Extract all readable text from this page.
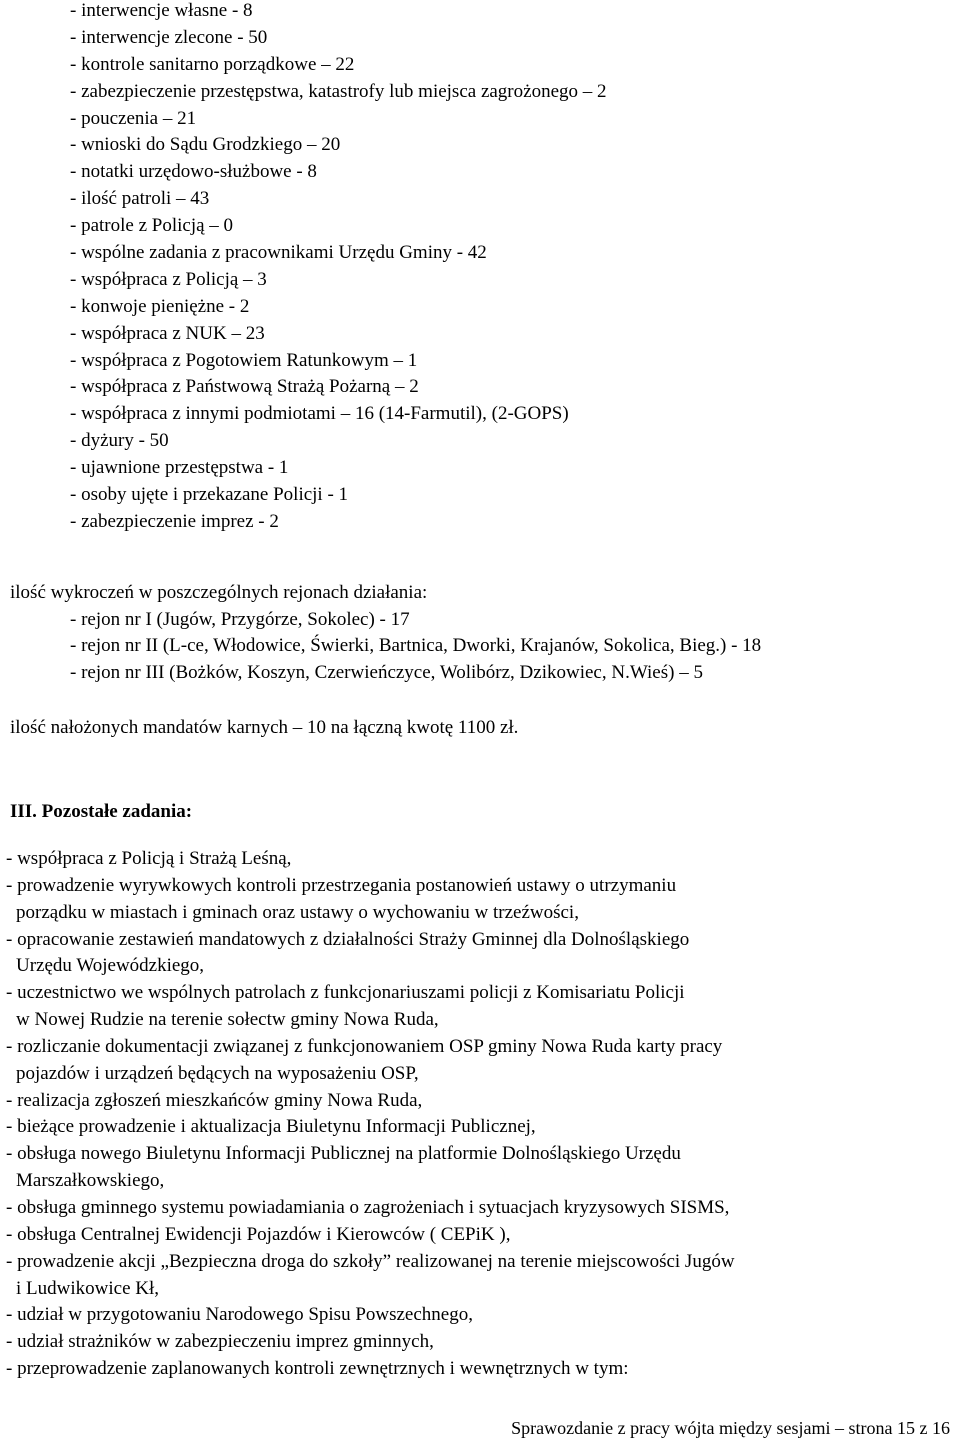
- interwencje własne - 8
- interwencje zlecone - 50
- kontrole sanitarno porządkowe – 22
- zabezpieczenie przestępstwa, katastrofy lub miejsca zagrożonego – 2
- pouczenia – 21
- wnioski do Sądu Grodzkiego – 20
- notatki urzędowo-służbowe - 8
- ilość patroli – 43
- patrole z Policją – 0
- wspólne zadania z pracownikami Urzędu Gminy - 42
- współpraca z Policją – 3
- konwoje pieniężne - 2
- współpraca z NUK – 23
- współpraca z Pogotowiem Ratunkowym – 1
- współpraca z Państwową Strażą Pożarną – 2
- współpraca z innymi podmiotami – 16 (14-Farmutil), (2-GOPS)
- dyżury - 50
- ujawnione przestępstwa - 1
- osoby ujęte i przekazane Policji - 1
- zabezpieczenie imprez - 2
ilość wykroczeń w poszczególnych rejonach działania:
- rejon nr I (Jugów, Przygórze, Sokolec) - 17
- rejon nr II (L-ce, Włodowice, Świerki, Bartnica, Dworki, Krajanów, Sokolica, Bieg.) - 18
- rejon nr III (Bożków, Koszyn, Czerwieńczyce, Wolibórz, Dzikowiec, N.Wieś) – 5
ilość nałożonych mandatów karnych – 10 na łączną kwotę 1100 zł.
III. Pozostałe zadania:
- współpraca z Policją i Strażą Leśną,
- prowadzenie wyrywkowych kontroli przestrzegania postanowień ustawy o utrzymaniu
porządku w miastach i gminach oraz ustawy o wychowaniu w trzeźwości,
- opracowanie zestawień mandatowych z działalności Straży Gminnej dla Dolnośląskiego
Urzędu Wojewódzkiego,
- uczestnictwo we wspólnych patrolach z funkcjonariuszami policji z Komisariatu Policji
w Nowej Rudzie na terenie sołectw gminy Nowa Ruda,
- rozliczanie dokumentacji związanej z funkcjonowaniem OSP gminy Nowa Ruda karty pracy
pojazdów i urządzeń będących na wyposażeniu OSP,
- realizacja zgłoszeń mieszkańców gminy Nowa Ruda,
- bieżące prowadzenie i aktualizacja Biuletynu Informacji Publicznej,
- obsługa nowego Biuletynu Informacji Publicznej na platformie Dolnośląskiego Urzędu
Marszałkowskiego,
- obsługa gminnego systemu powiadamiania o zagrożeniach i sytuacjach kryzysowych SISMS,
- obsługa Centralnej Ewidencji Pojazdów i Kierowców ( CEPiK ),
- prowadzenie akcji „Bezpieczna droga do szkoły” realizowanej na terenie miejscowości Jugów
i Ludwikowice Kł,
- udział w przygotowaniu Narodowego Spisu Powszechnego,
- udział strażników w zabezpieczeniu imprez gminnych,
- przeprowadzenie zaplanowanych kontroli zewnętrznych i wewnętrznych w tym:
Sprawozdanie z pracy wójta między sesjami – strona 15 z 16
